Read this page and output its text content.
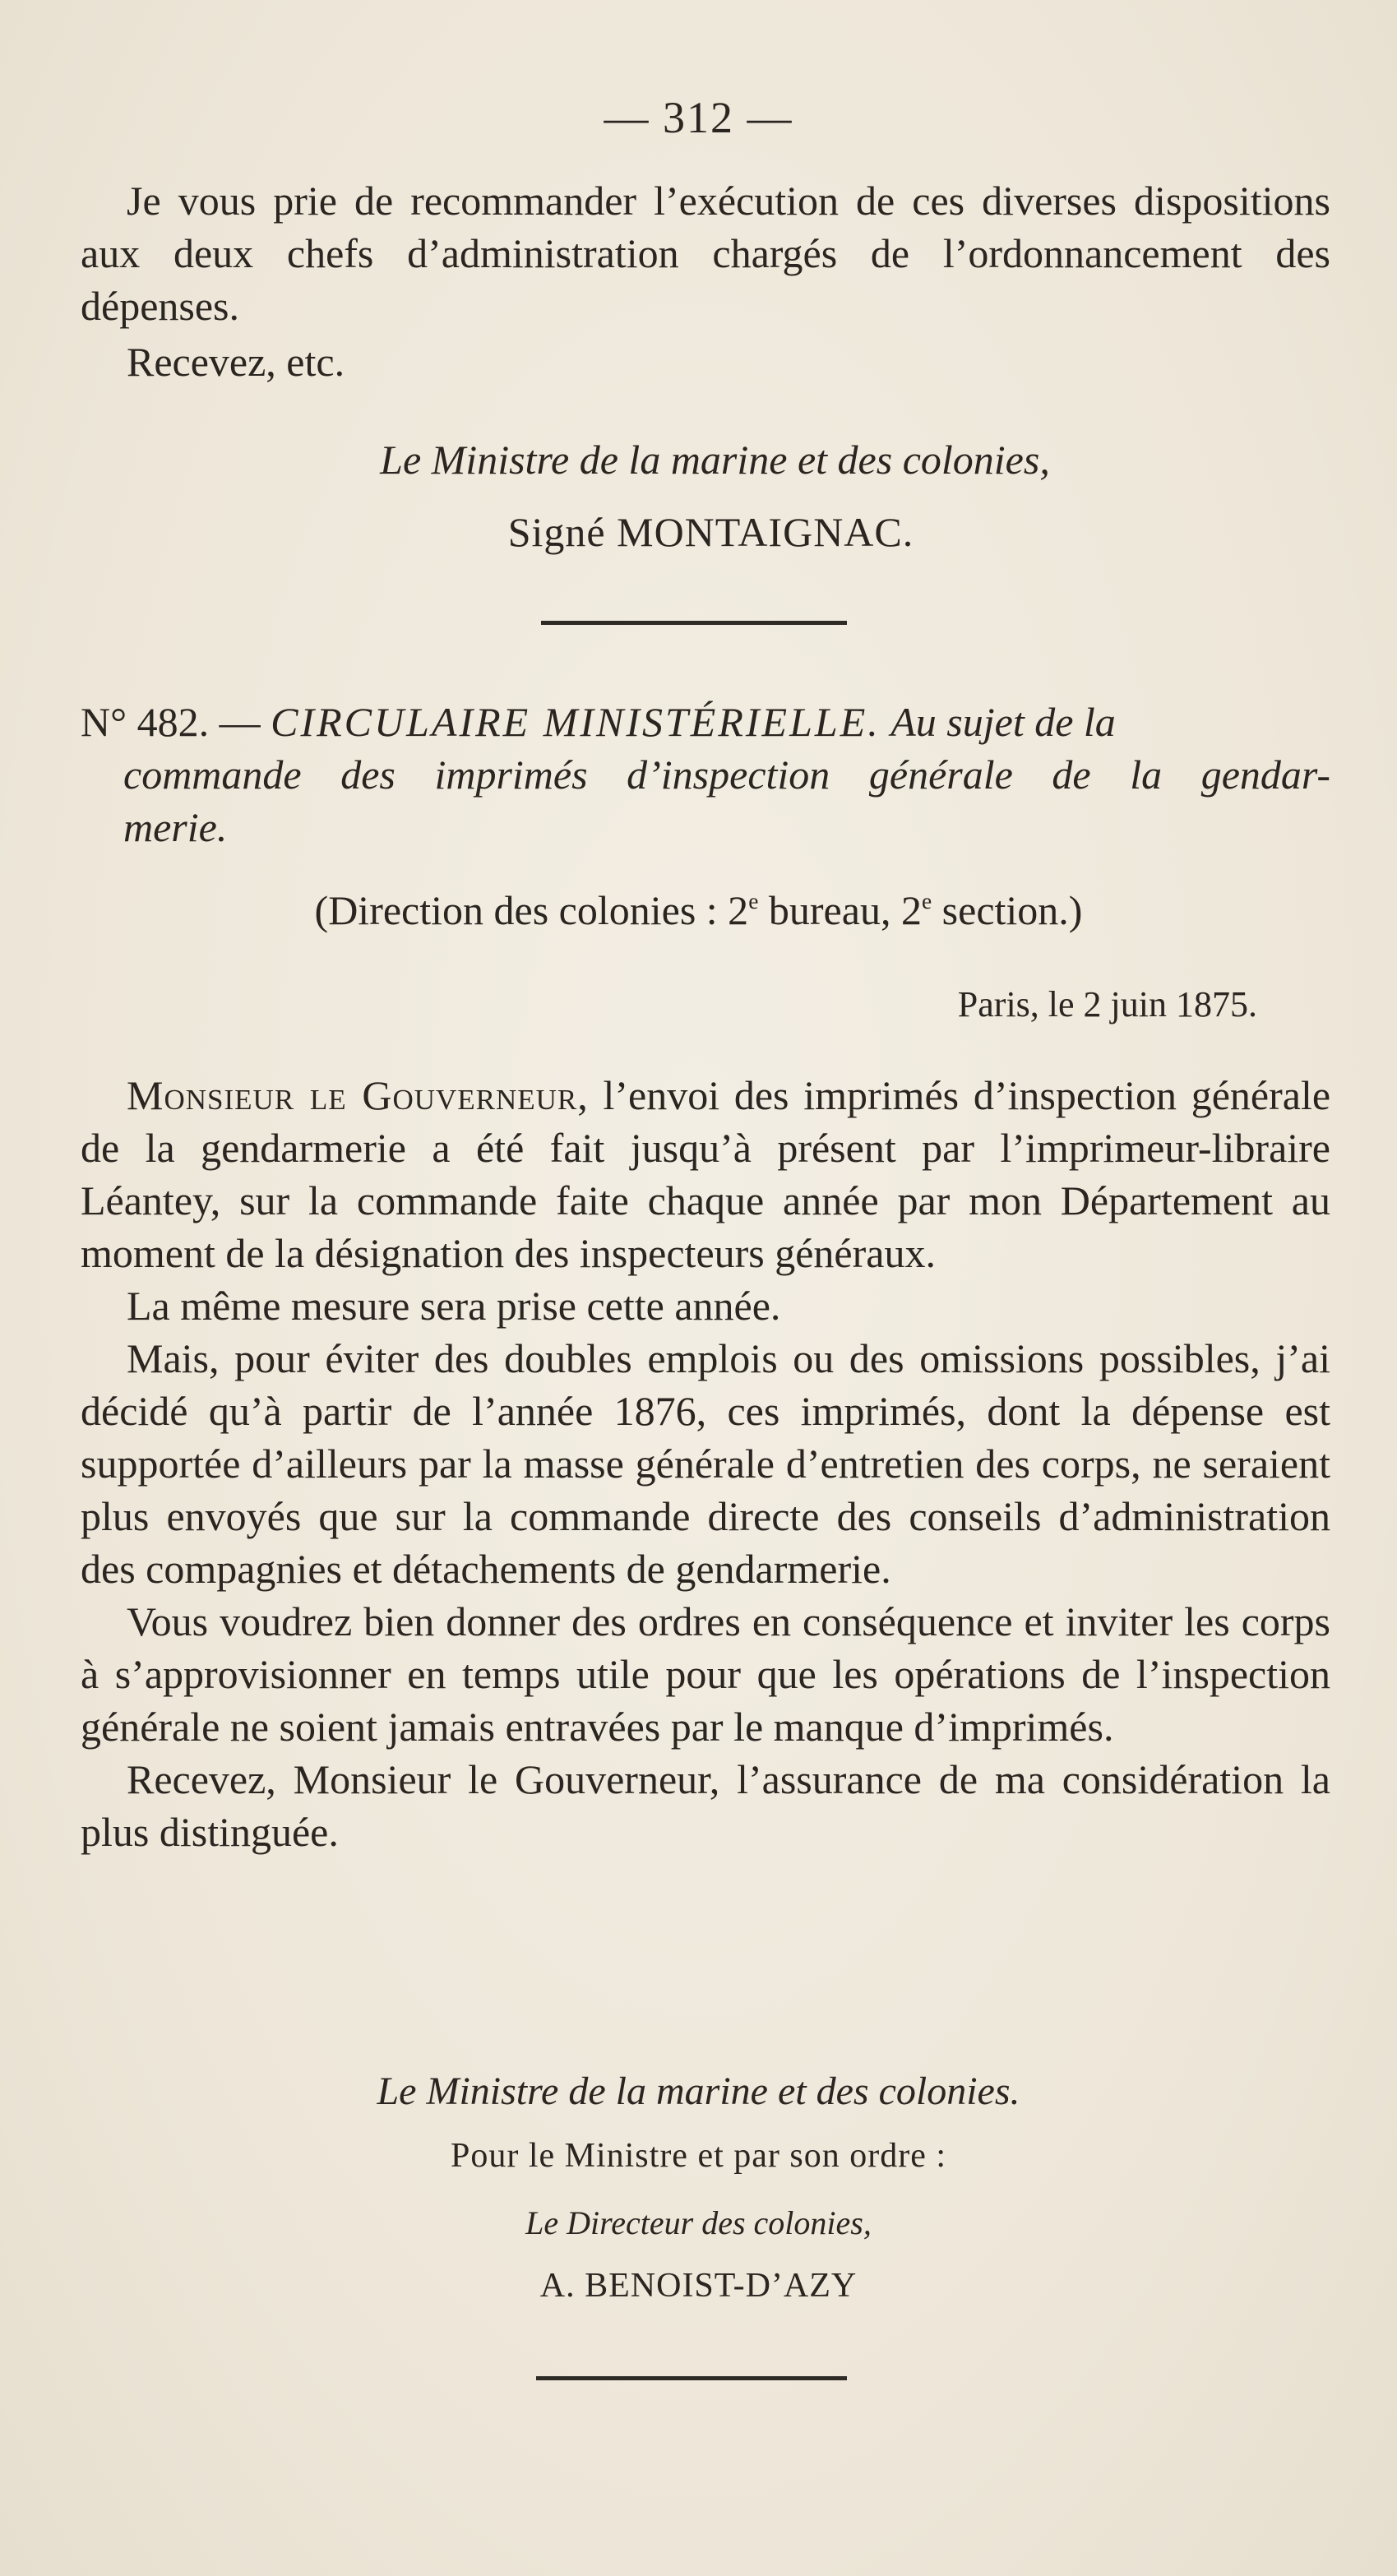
— 312 —

Je vous prie de recommander l’exécution de ces diverses dispositions aux deux chefs d’administration chargés de l’ordonnancement des dépenses.

Recevez, etc.

Le Ministre de la marine et des colonies,
Signé MONTAIGNAC.
N° 482. — CIRCULAIRE MINISTÉRIELLE. Au sujet de la
commande des imprimés d’inspection générale de la gendar-
merie.
(Direction des colonies : 2e bureau, 2e section.)
Paris, le 2 juin 1875.

Monsieur le Gouverneur, l’envoi des imprimés d’inspection générale de la gendarmerie a été fait jusqu’à présent par l’imprimeur-libraire Léantey, sur la commande faite chaque année par mon Département au moment de la désignation des inspecteurs généraux.

La même mesure sera prise cette année.

Mais, pour éviter des doubles emplois ou des omissions possibles, j’ai décidé qu’à partir de l’année 1876, ces imprimés, dont la dépense est supportée d’ailleurs par la masse générale d’entretien des corps, ne seraient plus envoyés que sur la commande directe des conseils d’administration des compagnies et détachements de gendarmerie.

Vous voudrez bien donner des ordres en conséquence et inviter les corps à s’approvisionner en temps utile pour que les opérations de l’inspection générale ne soient jamais entravées par le manque d’imprimés.

Recevez, Monsieur le Gouverneur, l’assurance de ma considération la plus distinguée.

Le Ministre de la marine et des colonies.
Pour le Ministre et par son ordre :
Le Directeur des colonies,
A. BENOIST-D’AZY
